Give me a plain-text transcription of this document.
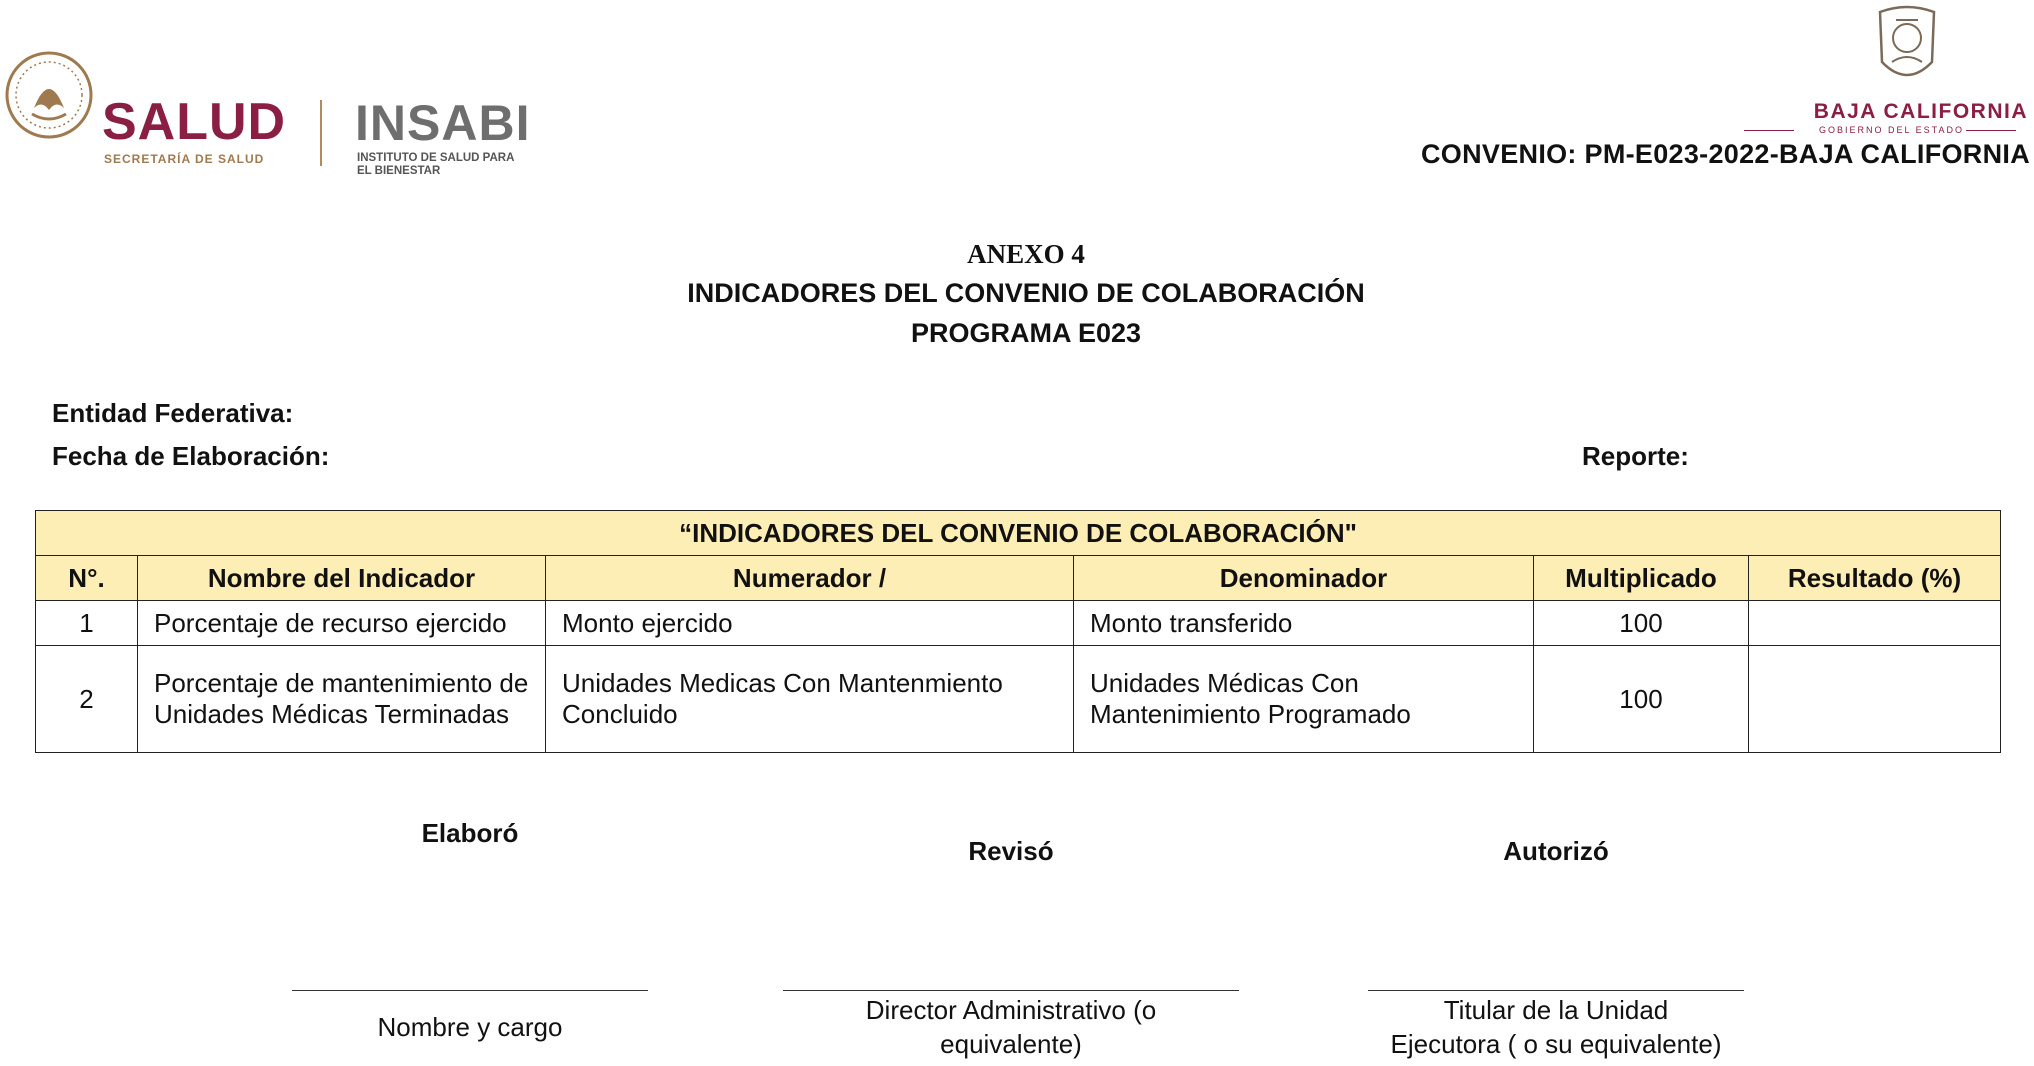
SALUD
SECRETARÍA DE SALUD
INSABI
INSTITUTO DE SALUD PARA EL BIENESTAR
BAJA CALIFORNIA
GOBIERNO DEL ESTADO
CONVENIO: PM-E023-2022-BAJA CALIFORNIA
ANEXO 4
INDICADORES DEL CONVENIO DE COLABORACIÓN
PROGRAMA E023
Entidad Federativa:
Fecha de Elaboración:	Reporte:
“INDICADORES DEL CONVENIO DE COLABORACIÓN"					
N°.	Nombre del Indicador	Numerador /	Denominador	Multiplicado	Resultado (%)
1	Porcentaje de recurso ejercido	Monto ejercido	Monto transferido	100	
2	Porcentaje de mantenimiento de Unidades Médicas Terminadas	Unidades Medicas Con Mantenmiento Concluido	Unidades Médicas Con Mantenimiento Programado	100	
Elaboró
Nombre y cargo
Revisó
Director Administrativo (o
equivalente)
Autorizó
Titular de la Unidad
Ejecutora ( o su equivalente)
